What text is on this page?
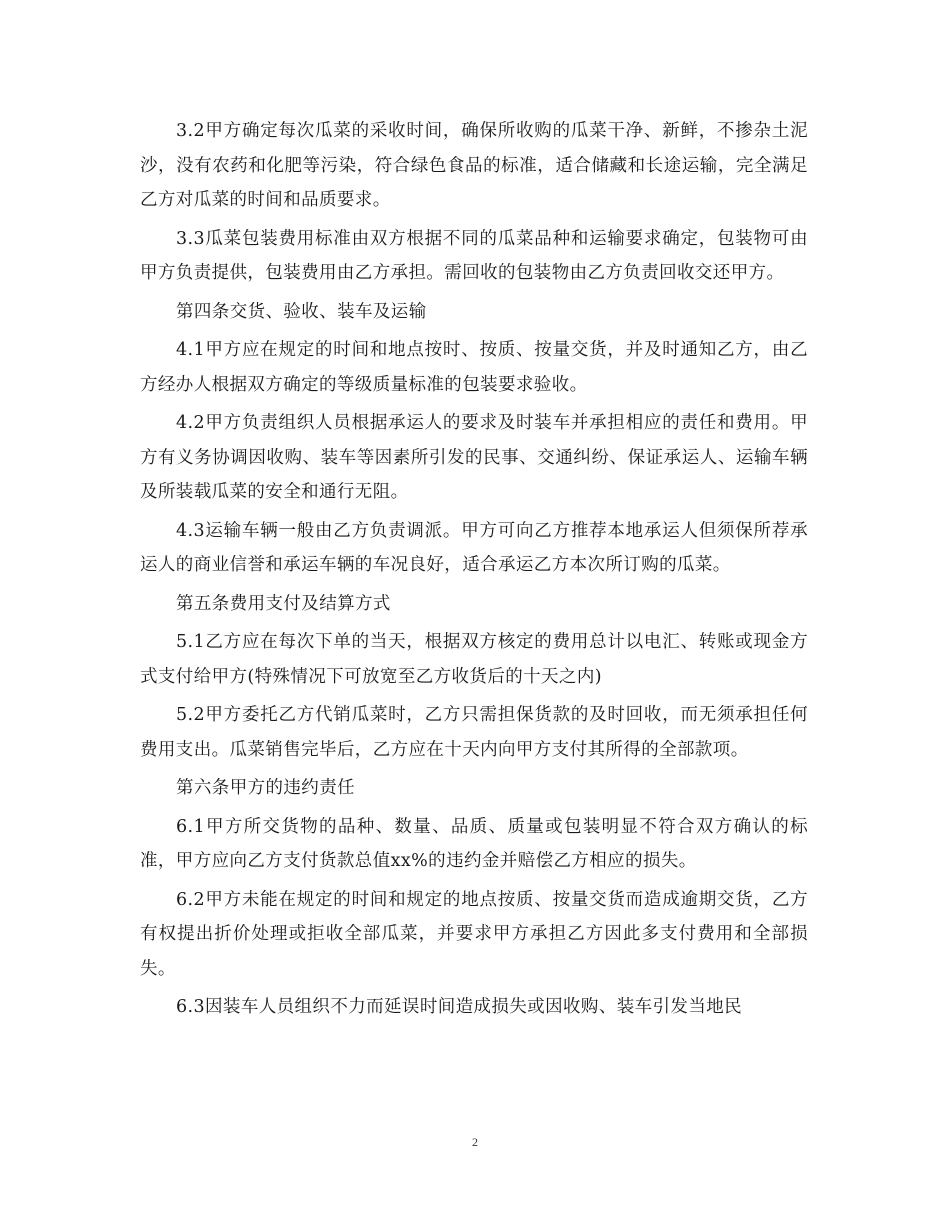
3.2甲方确定每次瓜菜的采收时间，确保所收购的瓜菜干净、新鲜，不掺杂土泥沙，没有农药和化肥等污染，符合绿色食品的标准，适合储藏和长途运输，完全满足乙方对瓜菜的时间和品质要求。

3.3瓜菜包装费用标准由双方根据不同的瓜菜品种和运输要求确定，包装物可由甲方负责提供，包装费用由乙方承担。需回收的包装物由乙方负责回收交还甲方。

第四条交货、验收、装车及运输

4.1甲方应在规定的时间和地点按时、按质、按量交货，并及时通知乙方，由乙方经办人根据双方确定的等级质量标准的包装要求验收。

4.2甲方负责组织人员根据承运人的要求及时装车并承担相应的责任和费用。甲方有义务协调因收购、装车等因素所引发的民事、交通纠纷、保证承运人、运输车辆及所装载瓜菜的安全和通行无阻。

4.3运输车辆一般由乙方负责调派。甲方可向乙方推荐本地承运人但须保所荐承运人的商业信誉和承运车辆的车况良好，适合承运乙方本次所订购的瓜菜。

第五条费用支付及结算方式

5.1乙方应在每次下单的当天，根据双方核定的费用总计以电汇、转账或现金方式支付给甲方(特殊情况下可放宽至乙方收货后的十天之内)

5.2甲方委托乙方代销瓜菜时，乙方只需担保货款的及时回收，而无须承担任何费用支出。瓜菜销售完毕后，乙方应在十天内向甲方支付其所得的全部款项。

第六条甲方的违约责任

6.1甲方所交货物的品种、数量、品质、质量或包装明显不符合双方确认的标准，甲方应向乙方支付货款总值xx%的违约金并赔偿乙方相应的损失。

6.2甲方未能在规定的时间和规定的地点按质、按量交货而造成逾期交货，乙方有权提出折价处理或拒收全部瓜菜，并要求甲方承担乙方因此多支付费用和全部损失。

6.3因装车人员组织不力而延误时间造成损失或因收购、装车引发当地民

2
